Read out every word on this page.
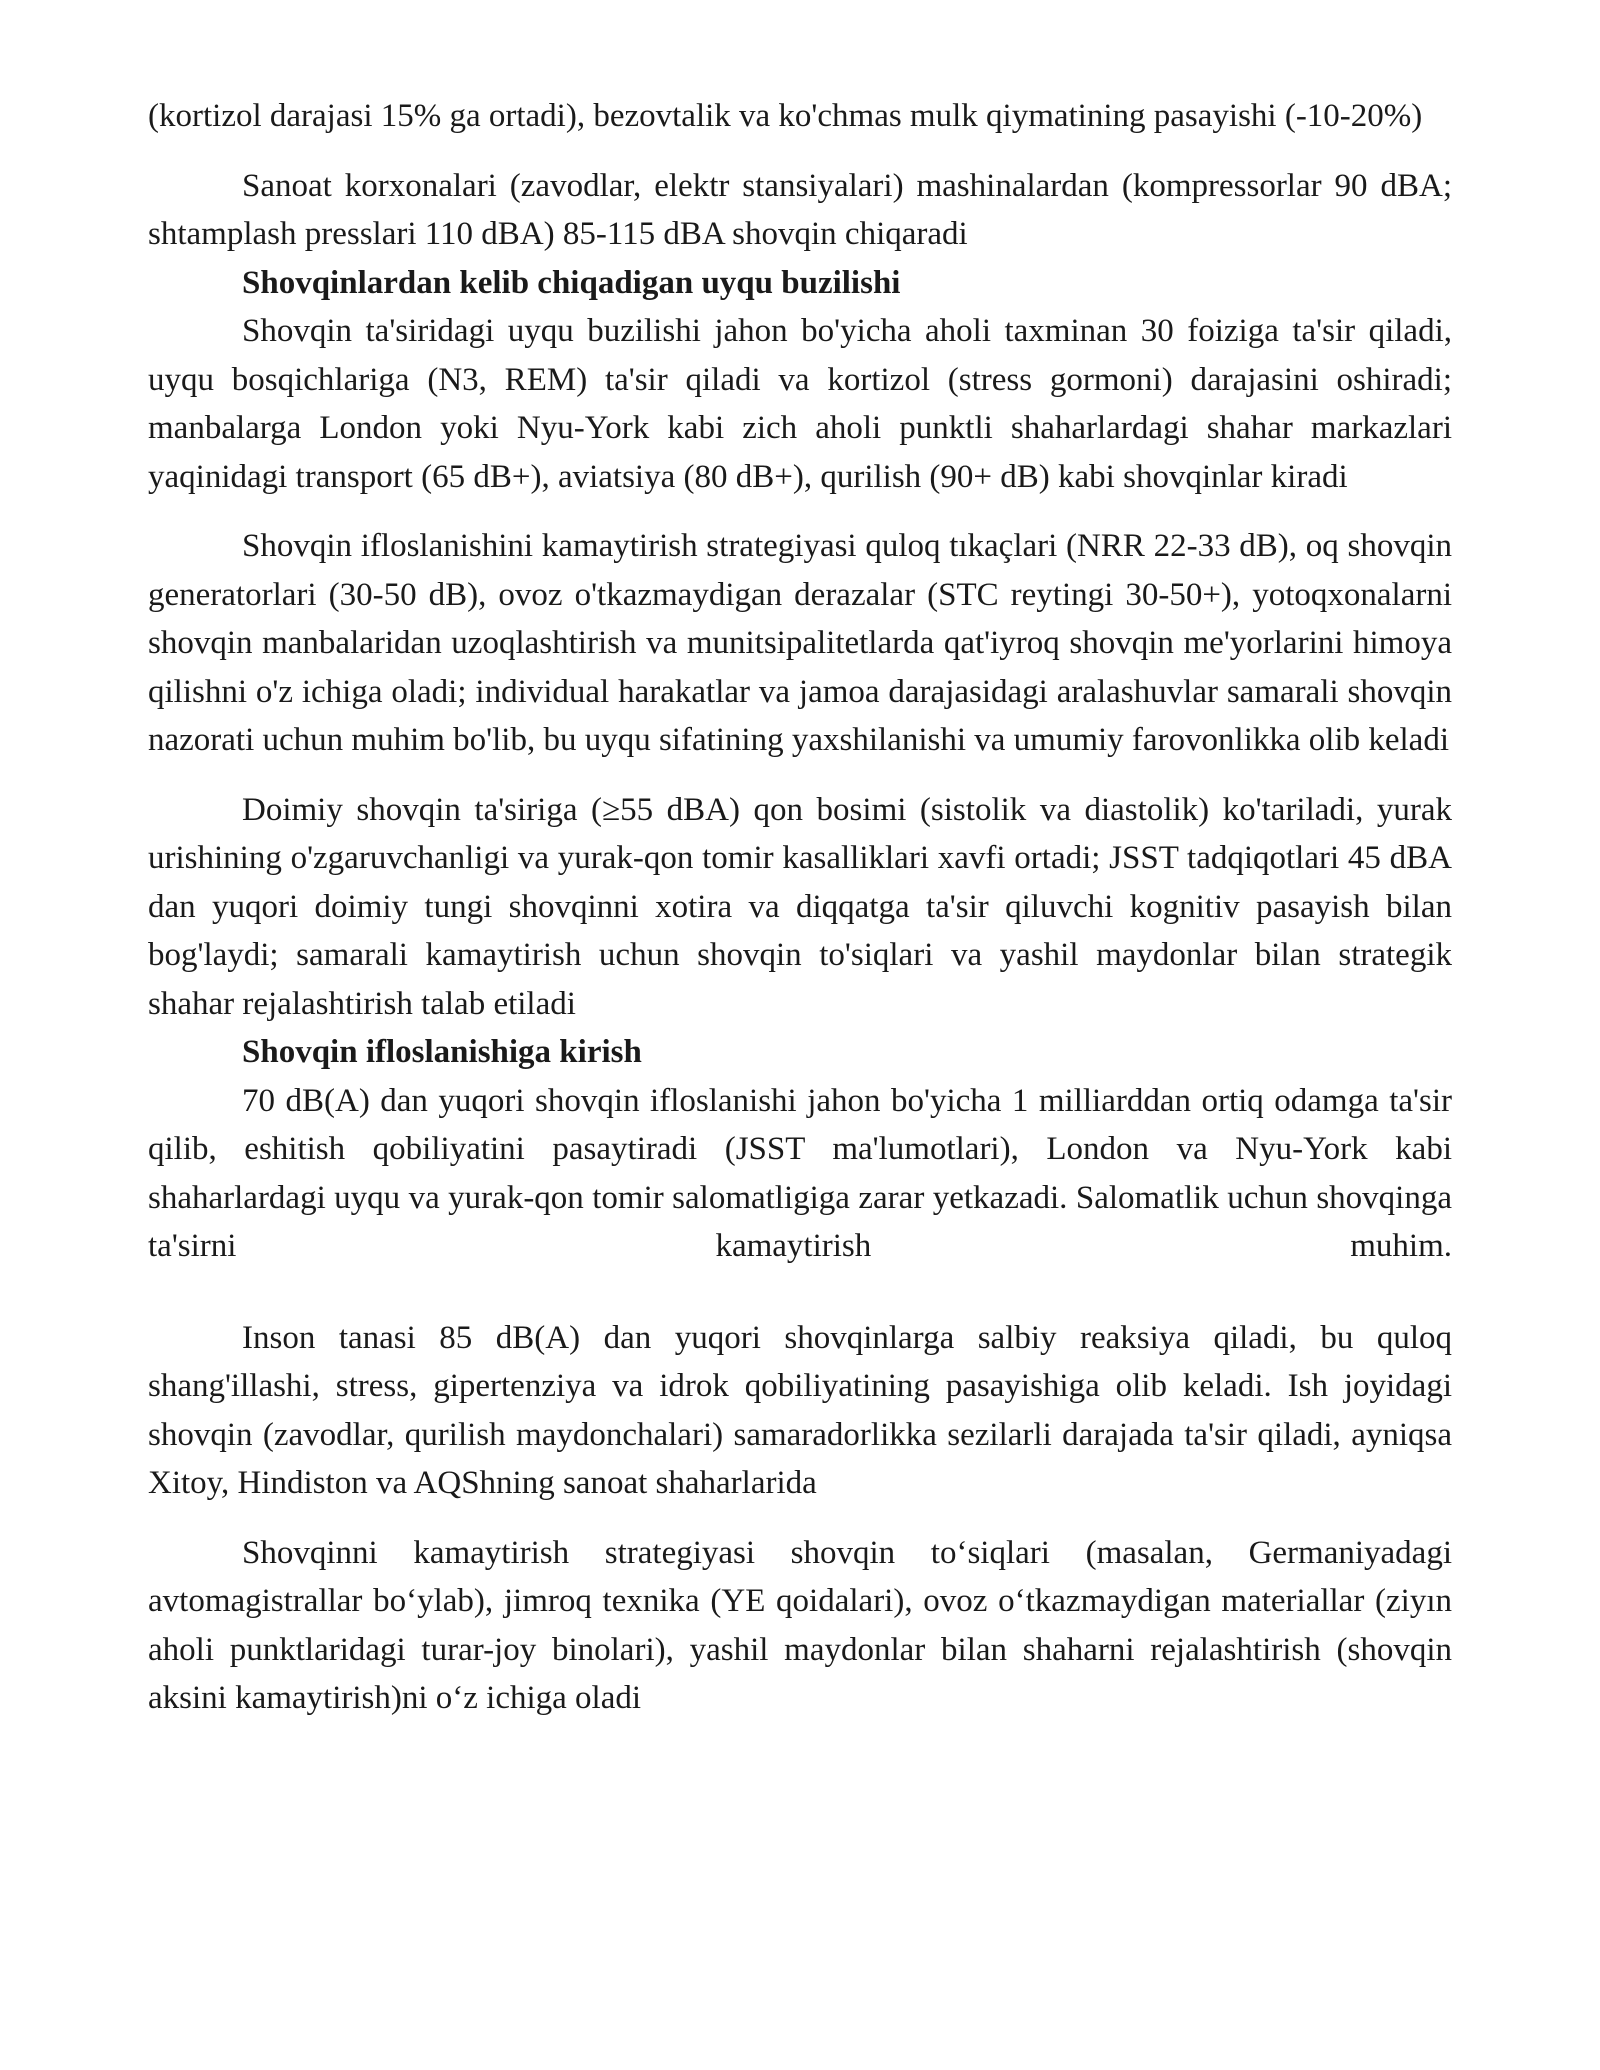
(kortizol darajasi 15% ga ortadi), bezovtalik va ko'chmas mulk qiymatining pasayishi (-10-20%)

Sanoat korxonalari (zavodlar, elektr stansiyalari) mashinalardan (kompressorlar 90 dBA; shtamplash presslari 110 dBA) 85-115 dBA shovqin chiqaradi

Shovqinlardan kelib chiqadigan uyqu buzilishi

Shovqin ta'siridagi uyqu buzilishi jahon bo'yicha aholi taxminan 30 foiziga ta'sir qiladi, uyqu bosqichlariga (N3, REM) ta'sir qiladi va kortizol (stress gormoni) darajasini oshiradi; manbalarga London yoki Nyu-York kabi zich aholi punktli shaharlardagi shahar markazlari yaqinidagi transport (65 dB+), aviatsiya (80 dB+), qurilish (90+ dB) kabi shovqinlar kiradi

Shovqin ifloslanishini kamaytirish strategiyasi quloq tıkaçlari (NRR 22-33 dB), oq shovqin generatorlari (30-50 dB), ovoz o'tkazmaydigan derazalar (STC reytingi 30-50+), yotoqxonalarni shovqin manbalaridan uzoqlashtirish va munitsipalitetlarda qat'iyroq shovqin me'yorlarini himoya qilishni o'z ichiga oladi; individual harakatlar va jamoa darajasidagi aralashuvlar samarali shovqin nazorati uchun muhim bo'lib, bu uyqu sifatining yaxshilanishi va umumiy farovonlikka olib keladi

Doimiy shovqin ta'siriga (≥55 dBA) qon bosimi (sistolik va diastolik) ko'tariladi, yurak urishining o'zgaruvchanligi va yurak-qon tomir kasalliklari xavfi ortadi; JSST tadqiqotlari 45 dBA dan yuqori doimiy tungi shovqinni xotira va diqqatga ta'sir qiluvchi kognitiv pasayish bilan bog'laydi; samarali kamaytirish uchun shovqin to'siqlari va yashil maydonlar bilan strategik shahar rejalashtirish talab etiladi

Shovqin ifloslanishiga kirish

70 dB(A) dan yuqori shovqin ifloslanishi jahon bo'yicha 1 milliarddan ortiq odamga ta'sir qilib, eshitish qobiliyatini pasaytiradi (JSST ma'lumotlari), London va Nyu-York kabi shaharlardagi uyqu va yurak-qon tomir salomatligiga zarar yetkazadi. Salomatlik uchun shovqinga ta'sirni kamaytirish muhim.

Inson tanasi 85 dB(A) dan yuqori shovqinlarga salbiy reaksiya qiladi, bu quloq shang'illashi, stress, gipertenziya va idrok qobiliyatining pasayishiga olib keladi. Ish joyidagi shovqin (zavodlar, qurilish maydonchalari) samaradorlikka sezilarli darajada ta'sir qiladi, ayniqsa Xitoy, Hindiston va AQShning sanoat shaharlarida

Shovqinni kamaytirish strategiyasi shovqin toʻsiqlari (masalan, Germaniyadagi avtomagistrallar boʻylab), jimroq texnika (YE qoidalari), ovoz oʻtkazmaydigan materiallar (ziyın aholi punktlaridagi turar-joy binolari), yashil maydonlar bilan shaharni rejalashtirish (shovqin aksini kamaytirish)ni oʻz ichiga oladi
